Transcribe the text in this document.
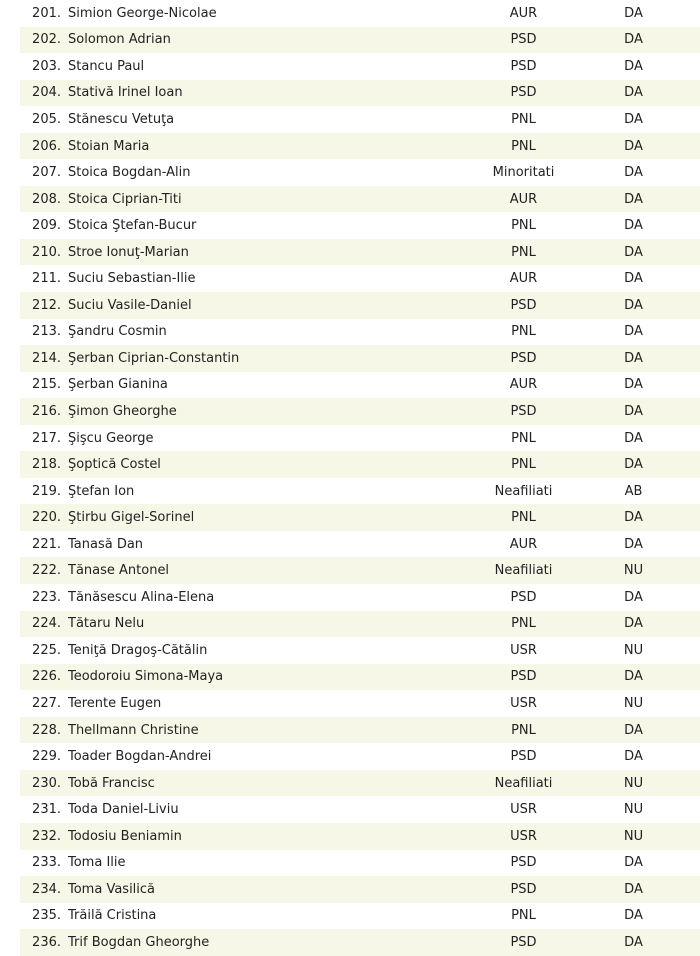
201. Simion George-Nicolae	AUR	DA
202. Solomon Adrian	PSD	DA
203. Stancu Paul	PSD	DA
204. Stativă Irinel Ioan	PSD	DA
205. Stănescu Vetuţa	PNL	DA
206. Stoian Maria	PNL	DA
207. Stoica Bogdan-Alin	Minoritati	DA
208. Stoica Ciprian-Titi	AUR	DA
209. Stoica Ştefan-Bucur	PNL	DA
210. Stroe Ionuţ-Marian	PNL	DA
211. Suciu Sebastian-Ilie	AUR	DA
212. Suciu Vasile-Daniel	PSD	DA
213. Şandru Cosmin	PNL	DA
214. Şerban Ciprian-Constantin	PSD	DA
215. Şerban Gianina	AUR	DA
216. Şimon Gheorghe	PSD	DA
217. Şişcu George	PNL	DA
218. Şoptică Costel	PNL	DA
219. Ştefan Ion	Neafiliati	AB
220. Ştirbu Gigel-Sorinel	PNL	DA
221. Tanasă Dan	AUR	DA
222. Tănase Antonel	Neafiliati	NU
223. Tănăsescu Alina-Elena	PSD	DA
224. Tătaru Nelu	PNL	DA
225. Teniţă Dragoş-Cătălin	USR	NU
226. Teodoroiu Simona-Maya	PSD	DA
227. Terente Eugen	USR	NU
228. Thellmann Christine	PNL	DA
229. Toader Bogdan-Andrei	PSD	DA
230. Tobă Francisc	Neafiliati	NU
231. Toda Daniel-Liviu	USR	NU
232. Todosiu Beniamin	USR	NU
233. Toma Ilie	PSD	DA
234. Toma Vasilică	PSD	DA
235. Trăilă Cristina	PNL	DA
236. Trif Bogdan Gheorghe	PSD	DA
